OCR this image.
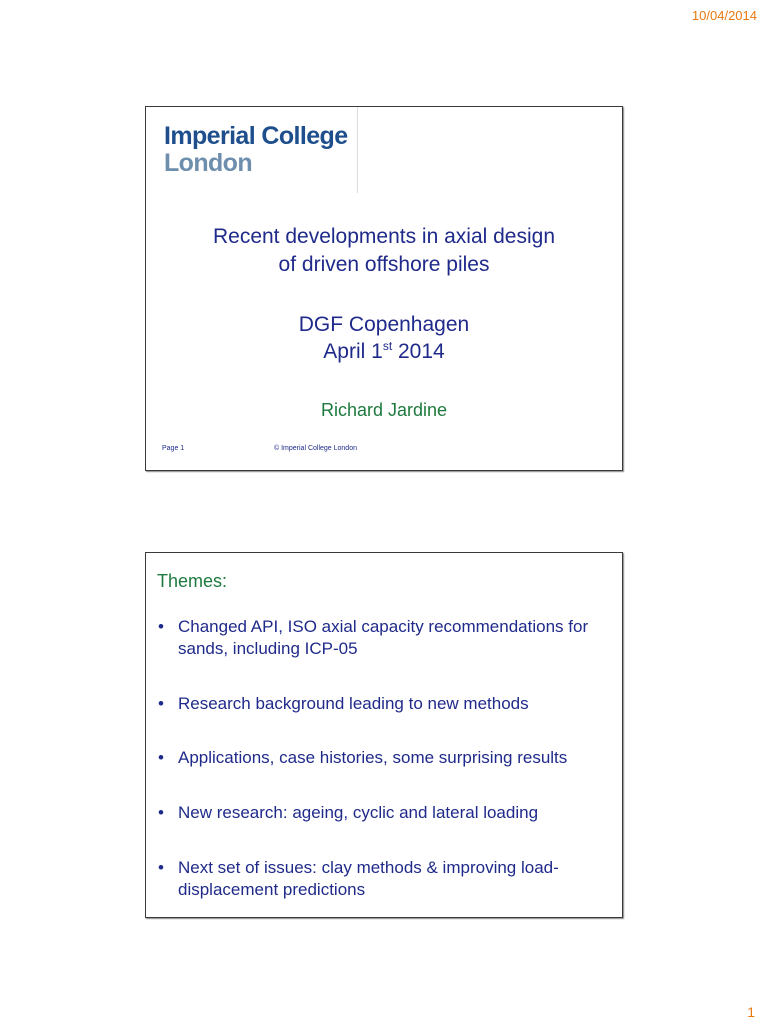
10/04/2014
Imperial College
London
Recent developments in axial design
of driven offshore piles
DGF Copenhagen
April 1st 2014
Richard Jardine
Page 1	© Imperial College London
Themes:
• Changed API, ISO axial capacity recommendations for sands, including ICP-05
• Research background leading to new methods
• Applications, case histories, some surprising results
• New research: ageing, cyclic and lateral loading
• Next set of issues: clay methods & improving load-displacement predictions
1
